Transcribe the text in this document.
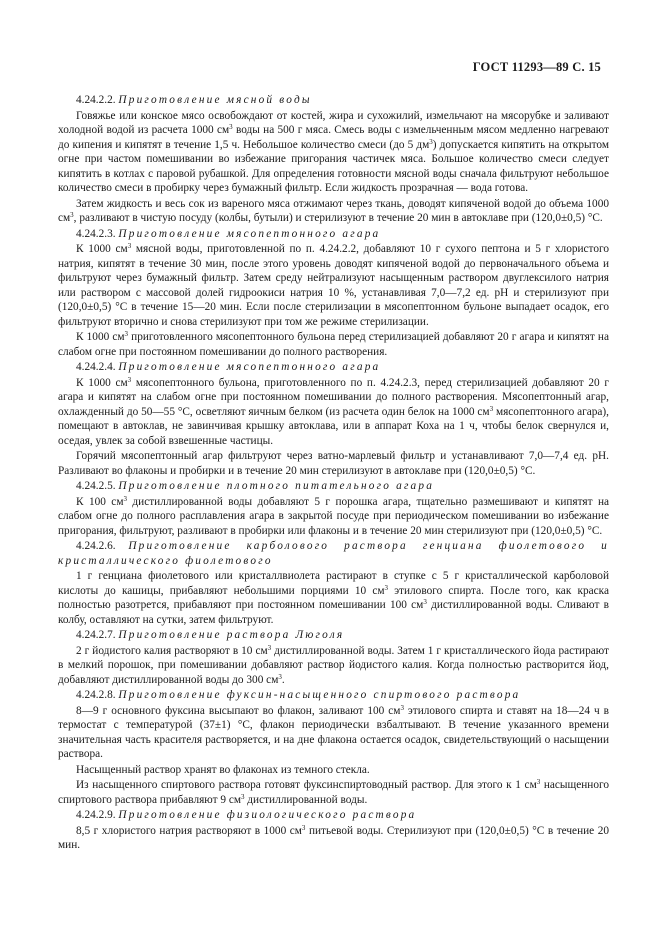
ГОСТ 11293—89 С. 15

4.24.2.2. Приготовление мясной воды

Говяжье или конское мясо освобождают от костей, жира и сухожилий, измельчают на мясорубке и заливают холодной водой из расчета 1000 $см^3$ воды на 500 г мяса. Смесь воды с измельченным мясом медленно нагревают до кипения и кипятят в течение 1,5 ч. Небольшое количество смеси (до 5 $дм^3$) допускается кипятить на открытом огне при частом помешивании во избежание пригорания частичек мяса. Большое количество смеси следует кипятить в котлах с паровой рубашкой. Для определения готовности мясной воды сначала фильтруют небольшое количество смеси в пробирку через бумажный фильтр. Если жидкость прозрачная — вода готова.

Затем жидкость и весь сок из вареного мяса отжимают через ткань, доводят кипяченой водой до объема 1000 $см^3$, разливают в чистую посуду (колбы, бутыли) и стерилизуют в течение 20 мин в автоклаве при (120,0±0,5) °С.

4.24.2.3. Приготовление мясопептонного агара

К 1000 $см^3$ мясной воды, приготовленной по п. 4.24.2.2, добавляют 10 г сухого пептона и 5 г хлористого натрия, кипятят в течение 30 мин, после этого уровень доводят кипяченой водой до первоначального объема и фильтруют через бумажный фильтр. Затем среду нейтрализуют насыщенным раствором двуглексилого натрия или раствором с массовой долей гидроокиси натрия 10 %, устанавливая 7,0—7,2 ед. рН и стерилизуют при (120,0±0,5) °С в течение 15—20 мин. Если после стерилизации в мясопептонном бульоне выпадает осадок, его фильтруют вторично и снова стерилизуют при том же режиме стерилизации.

К 1000 $см^3$ приготовленного мясопептонного бульона перед стерилизацией добавляют 20 г агара и кипятят на слабом огне при постоянном помешивании до полного растворения.

4.24.2.4. Приготовление мясопептонного агара

К 1000 $см^3$ мясопептонного бульона, приготовленного по п. 4.24.2.3, перед стерилизацией добавляют 20 г агара и кипятят на слабом огне при постоянном помешивании до полного растворения. Мясопептонный агар, охлажденный до 50—55 °С, осветляют яичным белком (из расчета один белок на 1000 $см^3$ мясопептонного агара), помещают в автоклав, не завинчивая крышку автоклава, или в аппарат Коха на 1 ч, чтобы белок свернулся и, оседая, увлек за собой взвешенные частицы.

Горячий мясопептонный агар фильтруют через ватно-марлевый фильтр и устанавливают 7,0—7,4 ед. рН. Разливают во флаконы и пробирки и в течение 20 мин стерилизуют в автоклаве при (120,0±0,5) °С.

4.24.2.5. Приготовление плотного питательного агара

К 100 $см^3$ дистиллированной воды добавляют 5 г порошка агара, тщательно размешивают и кипятят на слабом огне до полного расплавления агара в закрытой посуде при периодическом помешивании во избежание пригорания, фильтруют, разливают в пробирки или флаконы и в течение 20 мин стерилизуют при (120,0±0,5) °С.

4.24.2.6. Приготовление карболового раствора генциана фиолетового и кристаллического фиолетового

1 г генциана фиолетового или кристаллвиолета растирают в ступке с 5 г кристаллической карболовой кислоты до кашицы, прибавляют небольшими порциями 10 $см^3$ этилового спирта. После того, как краска полностью разотрется, прибавляют при постоянном помешивании 100 $см^3$ дистиллированной воды. Сливают в колбу, оставляют на сутки, затем фильтруют.

4.24.2.7. Приготовление раствора Люголя

2 г йодистого калия растворяют в 10 $см^3$ дистиллированной воды. Затем 1 г кристаллического йода растирают в мелкий порошок, при помешивании добавляют раствор йодистого калия. Когда полностью растворится йод, добавляют дистиллированной воды до 300 $см^3$.

4.24.2.8. Приготовление фуксин-насыщенного спиртового раствора

8—9 г основного фуксина высыпают во флакон, заливают 100 $см^3$ этилового спирта и ставят на 18—24 ч в термостат с температурой (37±1) °С, флакон периодически взбалтывают. В течение указанного времени значительная часть красителя растворяется, и на дне флакона остается осадок, свидетельствующий о насыщении раствора.

Насыщенный раствор хранят во флаконах из темного стекла.

Из насыщенного спиртового раствора готовят фуксинспиртоводный раствор. Для этого к 1 $см^3$ насыщенного спиртового раствора прибавляют 9 $см^3$ дистиллированной воды.

4.24.2.9. Приготовление физиологического раствора

8,5 г хлористого натрия растворяют в 1000 $см^3$ питьевой воды. Стерилизуют при (120,0±0,5) °С в течение 20 мин.
